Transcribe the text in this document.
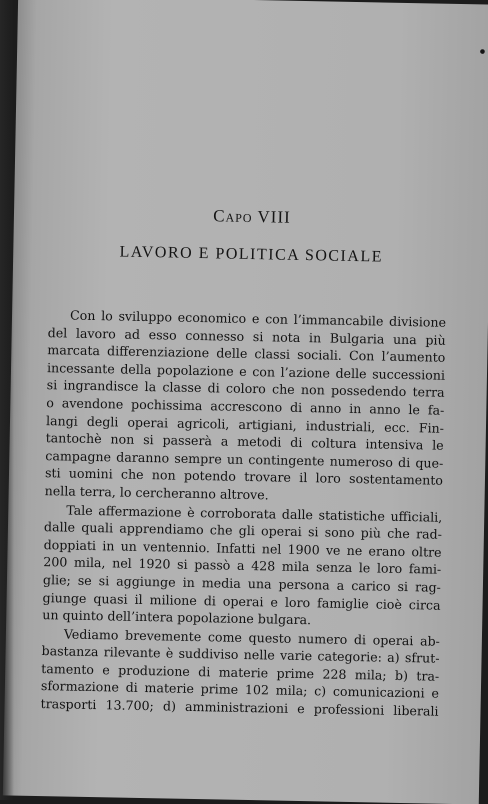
•
Capo VIII
LAVORO E POLITICA SOCIALE
Con lo sviluppo economico e con l’immancabile divisione
del lavoro ad esso connesso si nota in Bulgaria una più
marcata differenziazione delle classi sociali. Con l’aumento
incessante della popolazione e con l’azione delle successioni
si ingrandisce la classe di coloro che non possedendo terra
o avendone pochissima accrescono di anno in anno le fa-
langi degli operai agricoli, artigiani, industriali, ecc. Fin-
tantochè non si passerà a metodi di coltura intensiva le
campagne daranno sempre un contingente numeroso di que-
sti uomini che non potendo trovare il loro sostentamento
nella terra, lo cercheranno altrove.
Tale affermazione è corroborata dalle statistiche ufficiali,
dalle quali apprendiamo che gli operai si sono più che rad-
doppiati in un ventennio. Infatti nel 1900 ve ne erano oltre
200 mila, nel 1920 si passò a 428 mila senza le loro fami-
glie; se si aggiunge in media una persona a carico si rag-
giunge quasi il milione di operai e loro famiglie cioè circa
un quinto dell’intera popolazione bulgara.
Vediamo brevemente come questo numero di operai ab-
bastanza rilevante è suddiviso nelle varie categorie: a) sfrut-
tamento e produzione di materie prime 228 mila; b) tra-
sformazione di materie prime 102 mila; c) comunicazioni e
trasporti 13.700; d) amministrazioni e professioni liberali
